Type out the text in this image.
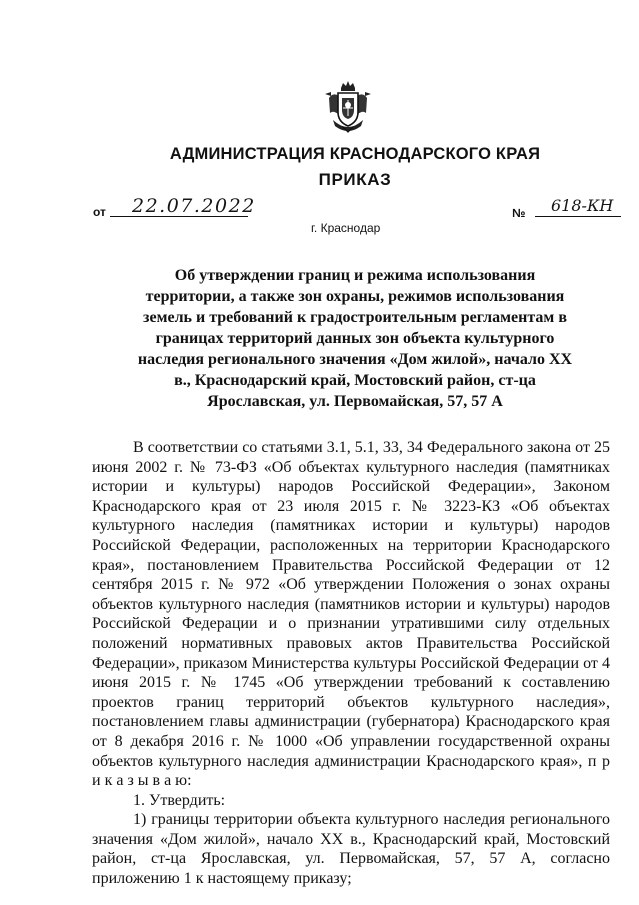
АДМИНИСТРАЦИЯ КРАСНОДАРСКОГО КРАЯ
ПРИКАЗ
от 22.07.2022
г. Краснодар
№ 618-КН
Об утверждении границ и режима использования территории, а также зон охраны, режимов использования земель и требований к градостроительным регламентам в границах территорий данных зон объекта культурного наследия регионального значения «Дом жилой», начало XX в., Краснодарский край, Мостовский район, ст-ца Ярославская, ул. Первомайская, 57, 57 А

В соответствии со статьями 3.1, 5.1, 33, 34 Федерального закона от 25 июня 2002 г. № 73-ФЗ «Об объектах культурного наследия (памятниках истории и культуры) народов Российской Федерации», Законом Краснодарского края от 23 июля 2015 г. № 3223-КЗ «Об объектах культурного наследия (памятниках истории и культуры) народов Российской Федерации, расположенных на территории Краснодарского края», постановлением Правительства Российской Федерации от 12 сентября 2015 г. № 972 «Об утверждении Положения о зонах охраны объектов культурного наследия (памятников истории и культуры) народов Российской Федерации и о признании утратившими силу отдельных положений нормативных правовых актов Правительства Российской Федерации», приказом Министерства культуры Российской Федерации от 4 июня 2015 г. № 1745 «Об утверждении требований к составлению проектов границ территорий объектов культурного наследия», постановлением главы администрации (губернатора) Краснодарского края от 8 декабря 2016 г. № 1000 «Об управлении государственной охраны объектов культурного наследия администрации Краснодарского края», п р и к а з ы в а ю:

1. Утвердить:

1) границы территории объекта культурного наследия регионального значения «Дом жилой», начало XX в., Краснодарский край, Мостовский район, ст-ца Ярославская, ул. Первомайская, 57, 57 А, согласно приложению 1 к настоящему приказу;
